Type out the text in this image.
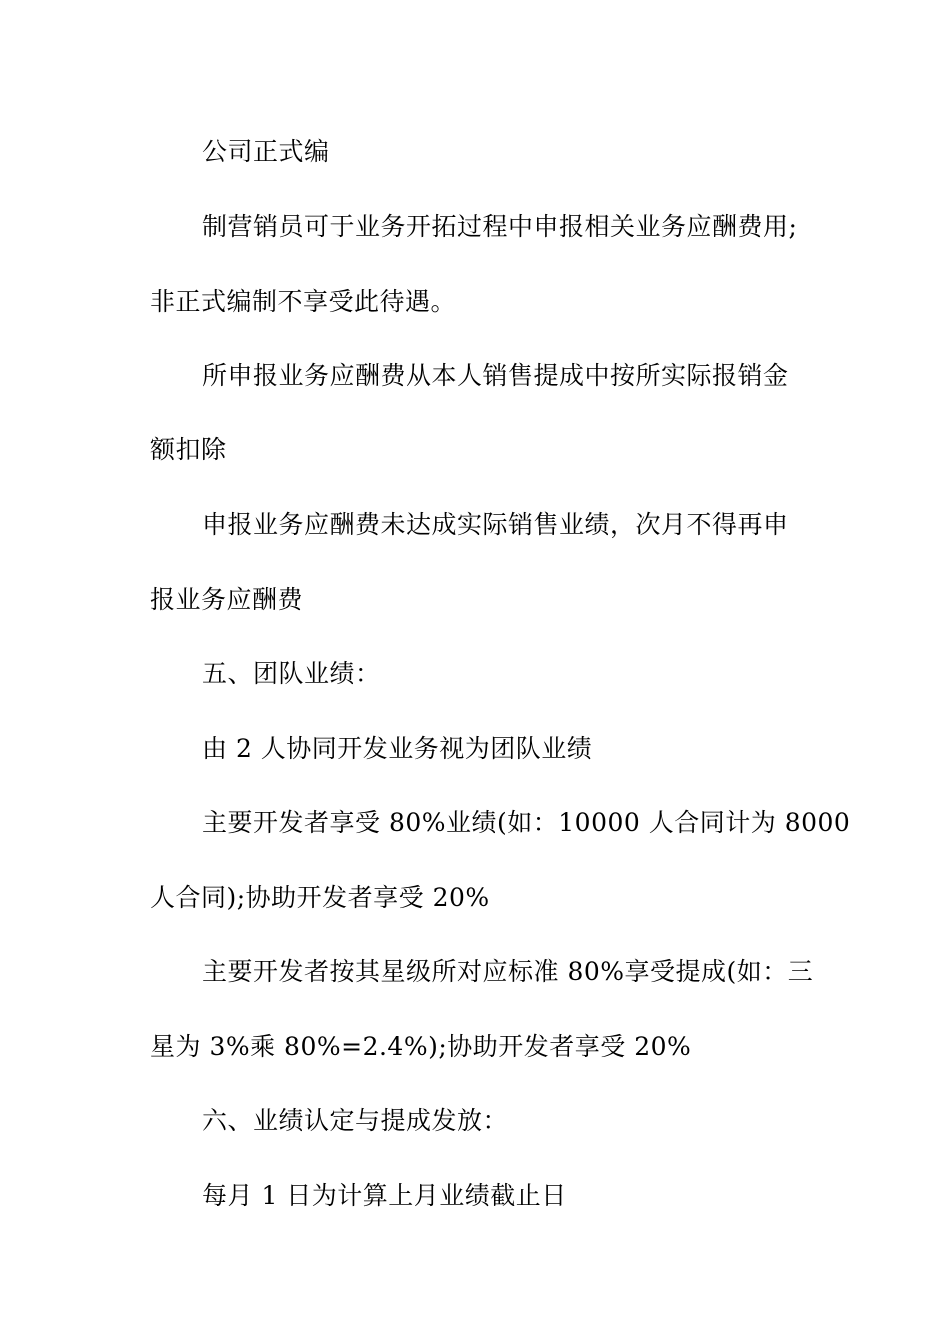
公司正式编
制营销员可于业务开拓过程中申报相关业务应酬费用;
非正式编制不享受此待遇。
所申报业务应酬费从本人销售提成中按所实际报销金
额扣除
申报业务应酬费未达成实际销售业绩，次月不得再申
报业务应酬费
五、团队业绩：
由 2 人协同开发业务视为团队业绩
主要开发者享受 80%业绩(如：10000 人合同计为 8000
人合同);协助开发者享受 20%
主要开发者按其星级所对应标准 80%享受提成(如：三
星为 3%乘 80%=2.4%);协助开发者享受 20%
六、业绩认定与提成发放：
每月 1 日为计算上月业绩截止日
